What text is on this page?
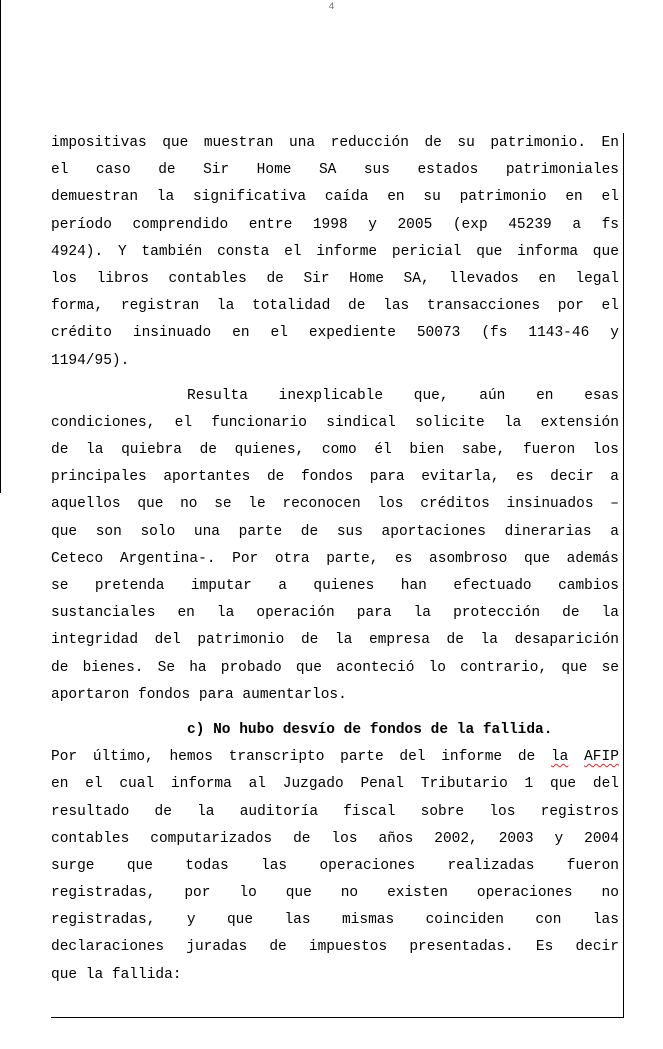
4
impositivas que muestran una reducción de su patrimonio. En
el caso de Sir Home SA sus estados patrimoniales
demuestran la significativa caída en su patrimonio en el
período comprendido entre 1998 y 2005 (exp 45239 a fs
4924). Y también consta el informe pericial que informa que
los libros contables de Sir Home SA, llevados en legal
forma, registran la totalidad de las transacciones por el
crédito insinuado en el expediente 50073 (fs 1143-46 y
1194/95).
Resulta inexplicable que, aún en esas
condiciones, el funcionario sindical solicite la extensión
de la quiebra de quienes, como él bien sabe, fueron los
principales aportantes de fondos para evitarla, es decir a
aquellos que no se le reconocen los créditos insinuados –
que son solo una parte de sus aportaciones dinerarias a
Ceteco Argentina-. Por otra parte, es asombroso que además
se pretenda imputar a quienes han efectuado cambios
sustanciales en la operación para la protección de la
integridad del patrimonio de la empresa de la desaparición
de bienes. Se ha probado que aconteció lo contrario, que se
aportaron fondos para aumentarlos.
c) No hubo desvío de fondos de la fallida.
Por último, hemos transcripto parte del informe de la AFIP
en el cual informa al Juzgado Penal Tributario 1 que del
resultado de la auditoría fiscal sobre los registros
contables computarizados de los años 2002, 2003 y 2004
surge que todas las operaciones realizadas fueron
registradas, por lo que no existen operaciones no
registradas, y que las mismas coinciden con las
declaraciones juradas de impuestos presentadas. Es decir
que la fallida:
